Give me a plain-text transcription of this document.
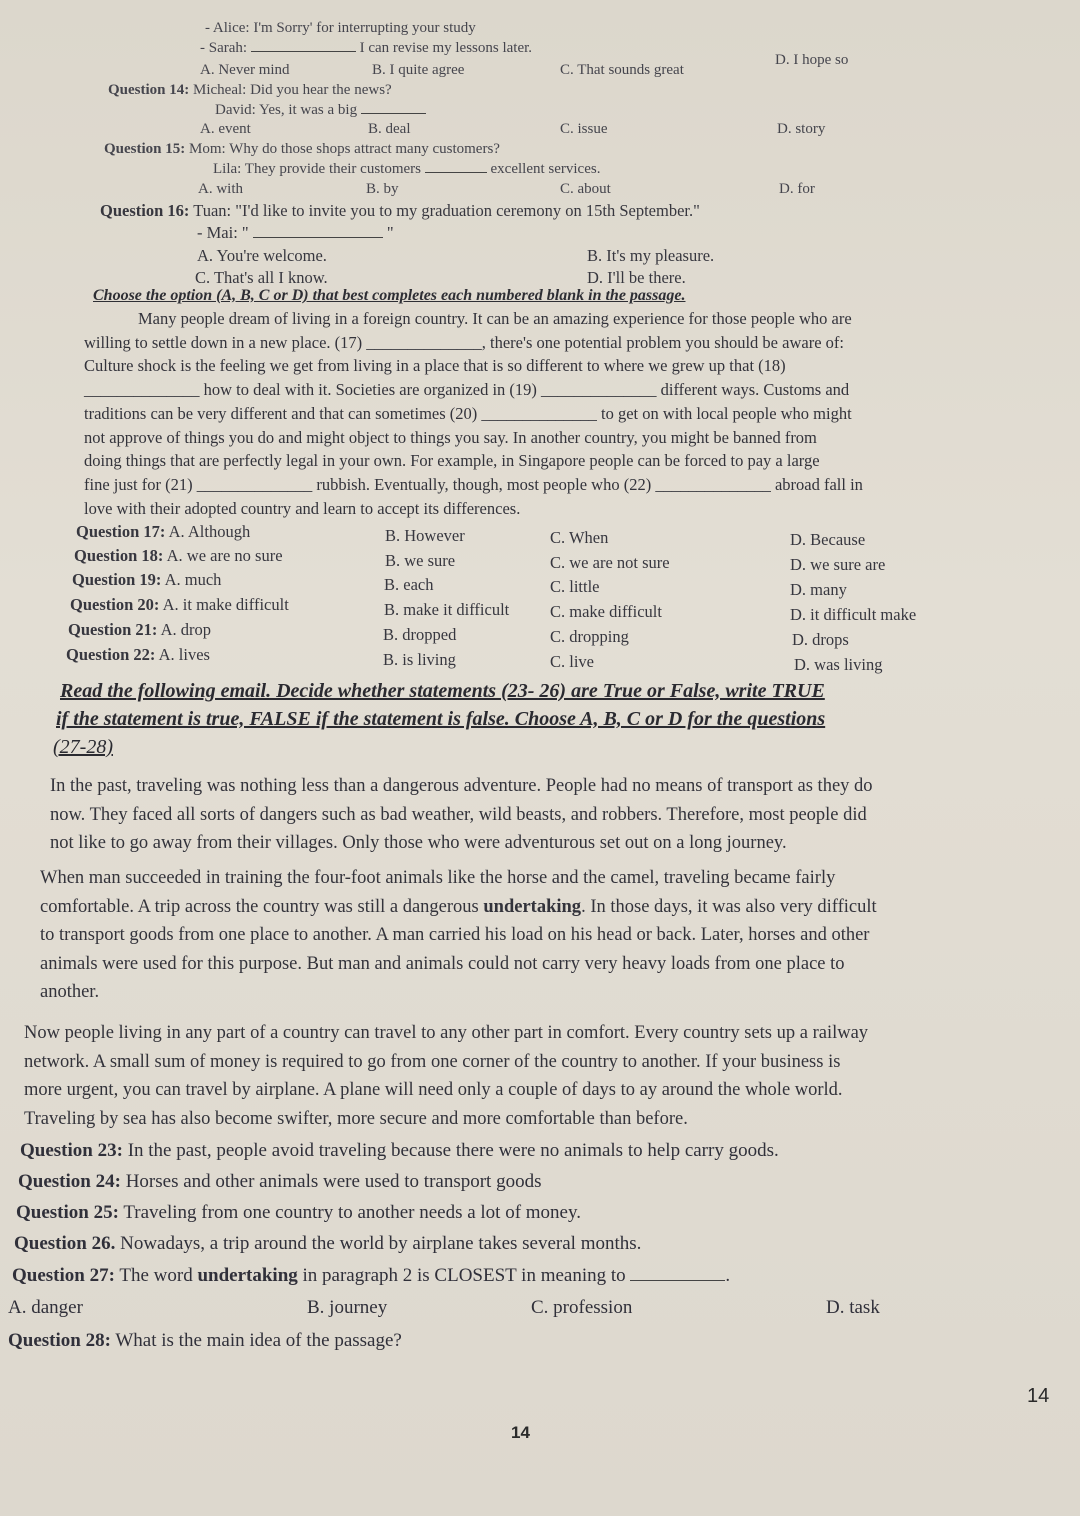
- Alice: I'm Sorry' for interrupting your study
- Sarah:	I can revise my lessons later.
A. Never mind	B. I quite agree	C. That sounds great
D. I hope so
Question 14: Micheal: Did you hear the news?
David: Yes, it was a big
A. event	B. deal	C. issue	D. story
Question 15: Mom: Why do those shops attract many customers?
Lila: They provide their customers	excellent services.
A. with	B. by	C. about	D. for
Question 16: Tuan: "I'd like to invite you to my graduation ceremony on 15th September."
- Mai: "	"
A. You're welcome.	B. It's my pleasure.
C. That's all I know.	D. I'll be there.
Choose the option (A, B, C or D) that best completes each numbered blank in the passage.
Many people dream of living in a foreign country. It can be an amazing experience for those people who are
willing to settle down in a new place. (17) ______________, there's one potential problem you should be aware of:
Culture shock is the feeling we get from living in a place that is so different to where we grew up that (18)
______________ how to deal with it. Societies are organized in (19) ______________ different ways. Customs and
traditions can be very different and that can sometimes (20) ______________ to get on with local people who might
not approve of things you do and might object to things you say. In another country, you might be banned from
doing things that are perfectly legal in your own. For example, in Singapore people can be forced to pay a large
fine just for (21) ______________ rubbish. Eventually, though, most people who (22) ______________ abroad fall in
love with their adopted country and learn to accept its differences.
Question 17: A. Although	B. However	C. When	D. Because
Question 18: A. we are no sure	B. we sure	C. we are not sure	D. we sure are
Question 19: A. much	B. each	C. little	D. many
Question 20: A. it make difficult	B. make it difficult C. make difficult	D. it difficult make
Question 21: A. drop	B. dropped	C. dropping	D. drops
Question 22: A. lives	B. is living	C. live	D. was living
Read the following email. Decide whether statements (23- 26) are True or False, write TRUE
if the statement is true, FALSE if the statement is false. Choose A, B, C or D for the questions
(27-28)
In the past, traveling was nothing less than a dangerous adventure. People had no means of transport as they do
now. They faced all sorts of dangers such as bad weather, wild beasts, and robbers. Therefore, most people did
not like to go away from their villages. Only those who were adventurous set out on a long journey.
When man succeeded in training the four-foot animals like the horse and the camel, traveling became fairly
comfortable. A trip across the country was still a dangerous undertaking. In those days, it was also very difficult
to transport goods from one place to another. A man carried his load on his head or back. Later, horses and other
animals were used for this purpose. But man and animals could not carry very heavy loads from one place to
another.
Now people living in any part of a country can travel to any other part in comfort. Every country sets up a railway
network. A small sum of money is required to go from one corner of the country to another. If your business is
more urgent, you can travel by airplane. A plane will need only a couple of days to ay around the whole world.
Traveling by sea has also become swifter, more secure and more comfortable than before.
Question 23: In the past, people avoid traveling because there were no animals to help carry goods.
Question 24: Horses and other animals were used to transport goods
Question 25: Traveling from one country to another needs a lot of money.
Question 26. Nowadays, a trip around the world by airplane takes several months.
Question 27: The word undertaking in paragraph 2 is CLOSEST in meaning to	.
A. danger	B. journey	C. profession	D. task
Question 28: What is the main idea of the passage?
14
14
